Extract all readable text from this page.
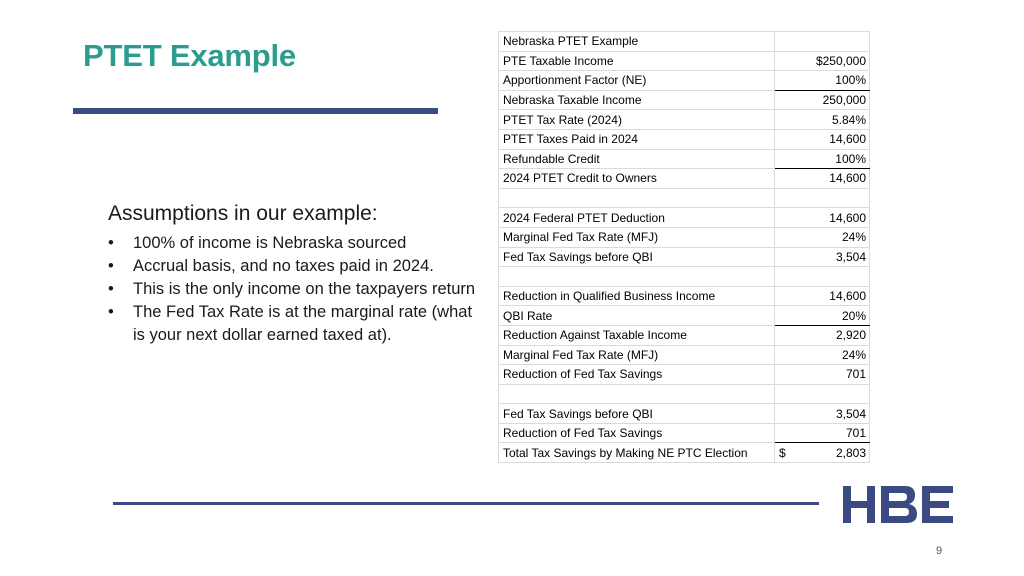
PTET Example
Assumptions in our example:
• 100% of income is Nebraska sourced
• Accrual basis, and no taxes paid in 2024.
• This is the only income on the taxpayers return
• The Fed Tax Rate is at the marginal rate (what is your next dollar earned taxed at).
Nebraska PTET Example	
PTE Taxable Income	$250,000
Apportionment Factor (NE)	100%
Nebraska Taxable Income	250,000
PTET Tax Rate (2024)	5.84%
PTET Taxes Paid in 2024	14,600
Refundable Credit	100%
2024 PTET Credit to Owners	14,600

2024 Federal PTET Deduction	14,600
Marginal Fed Tax Rate (MFJ)	24%
Fed Tax Savings before QBI	3,504

Reduction in Qualified Business Income	14,600
QBI Rate	20%
Reduction Against Taxable Income	2,920
Marginal Fed Tax Rate (MFJ)	24%
Reduction of Fed Tax Savings	701

Fed Tax Savings before QBI	3,504
Reduction of Fed Tax Savings	701
Total Tax Savings by Making NE PTC Election	$ 2,803
9
